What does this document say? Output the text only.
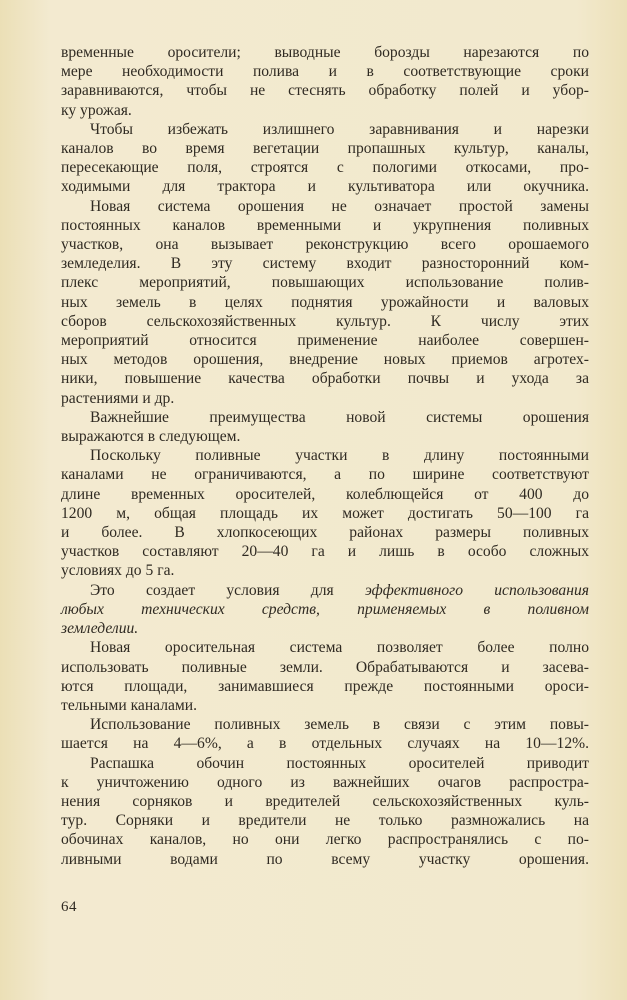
временные оросители; выводные борозды нарезаются по
мере необходимости полива и в соответствующие сроки
заравниваются, чтобы не стеснять обработку полей и убор-
ку урожая.

Чтобы избежать излишнего заравнивания и нарезки
каналов во время вегетации пропашных культур, каналы,
пересекающие поля, строятся с пологими откосами, про-
ходимыми для трактора и культиватора или окучника.

Новая система орошения не означает простой замены
постоянных каналов временными и укрупнения поливных
участков, она вызывает реконструкцию всего орошаемого
земледелия. В эту систему входит разносторонний ком-
плекс мероприятий, повышающих использование полив-
ных земель в целях поднятия урожайности и валовых
сборов сельскохозяйственных культур. К числу этих
мероприятий относится применение наиболее совершен-
ных методов орошения, внедрение новых приемов агротех-
ники, повышение качества обработки почвы и ухода за
растениями и др.

Важнейшие преимущества новой системы орошения
выражаются в следующем.

Поскольку поливные участки в длину постоянными
каналами не ограничиваются, а по ширине соответствуют
длине временных оросителей, колеблющейся от 400 до
1200 м, общая площадь их может достигать 50—100 га
и более. В хлопкосеющих районах размеры поливных
участков составляют 20—40 га и лишь в особо сложных
условиях до 5 га.

Это создает условия для эффективного использования
любых технических средств, применяемых в поливном
земледелии.

Новая оросительная система позволяет более полно
использовать поливные земли. Обрабатываются и засева-
ются площади, занимавшиеся прежде постоянными ороси-
тельными каналами.

Использование поливных земель в связи с этим повы-
шается на 4—6%, а в отдельных случаях на 10—12%.

Распашка обочин постоянных оросителей приводит
к уничтожению одного из важнейших очагов распростра-
нения сорняков и вредителей сельскохозяйственных куль-
тур. Сорняки и вредители не только размножались на
обочинах каналов, но они легко распространялись с по-
ливными водами по всему участку орошения.

64
